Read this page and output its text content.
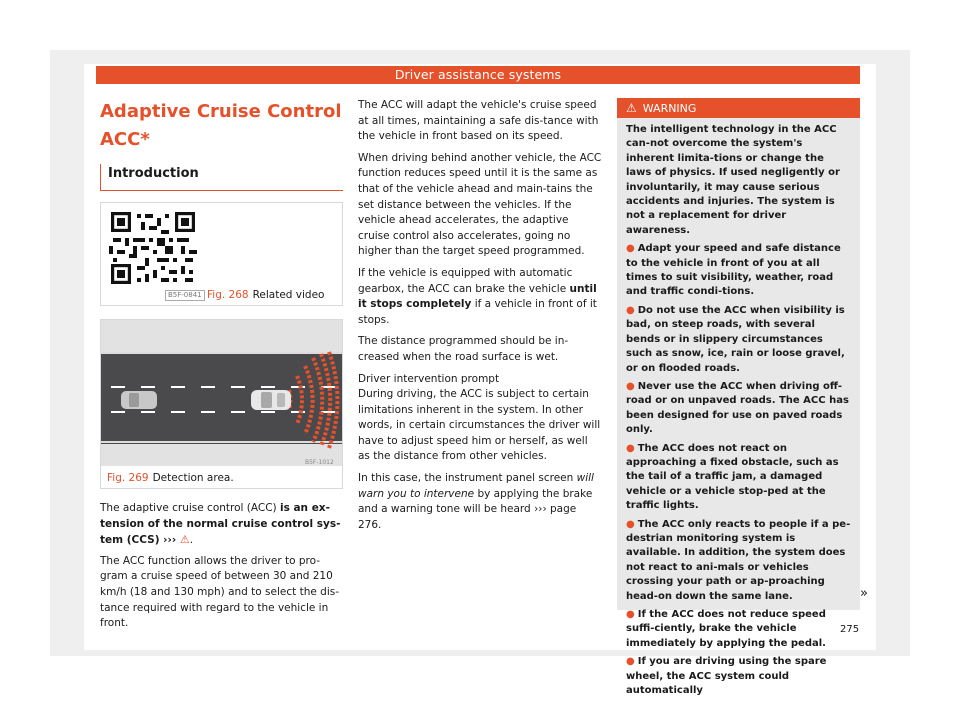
Driver assistance systems
Adaptive Cruise Control
ACC*
Introduction
B5F-0841 Fig. 268 Related video
B5F-1012
Fig. 269 Detection area.

The adaptive cruise control (ACC) is an ex-tension of the normal cruise control sys-tem (CCS) ››› ⚠.

The ACC function allows the driver to pro-gram a cruise speed of between 30 and 210 km/h (18 and 130 mph) and to select the dis-tance required with regard to the vehicle in front.

The ACC will adapt the vehicle's cruise speed at all times, maintaining a safe dis-tance with the vehicle in front based on its speed.

When driving behind another vehicle, the ACC function reduces speed until it is the same as that of the vehicle ahead and main-tains the set distance between the vehicles. If the vehicle ahead accelerates, the adaptive cruise control also accelerates, going no higher than the target speed programmed.

If the vehicle is equipped with automatic gearbox, the ACC can brake the vehicle until it stops completely if a vehicle in front of it stops.

The distance programmed should be in-creased when the road surface is wet.

Driver intervention prompt

During driving, the ACC is subject to certain limitations inherent in the system. In other words, in certain circumstances the driver will have to adjust speed him or herself, as well as the distance from other vehicles.

In this case, the instrument panel screen will warn you to intervene by applying the brake and a warning tone will be heard ››› page 276.

⚠ WARNING

The intelligent technology in the ACC can-not overcome the system's inherent limita-tions or change the laws of physics. If used negligently or involuntarily, it may cause serious accidents and injuries. The system is not a replacement for driver awareness.

● Adapt your speed and safe distance to the vehicle in front of you at all times to suit visibility, weather, road and traffic condi-tions.

● Do not use the ACC when visibility is bad, on steep roads, with several bends or in slippery circumstances such as snow, ice, rain or loose gravel, or on flooded roads.

● Never use the ACC when driving off-road or on unpaved roads. The ACC has been designed for use on paved roads only.

● The ACC does not react on approaching a fixed obstacle, such as the tail of a traffic jam, a damaged vehicle or a vehicle stop-ped at the traffic lights.

● The ACC only reacts to people if a pe-destrian monitoring system is available. In addition, the system does not react to ani-mals or vehicles crossing your path or ap-proaching head-on down the same lane.

● If the ACC does not reduce speed suffi-ciently, brake the vehicle immediately by applying the pedal.

● If you are driving using the spare wheel, the ACC system could automatically

»
275
